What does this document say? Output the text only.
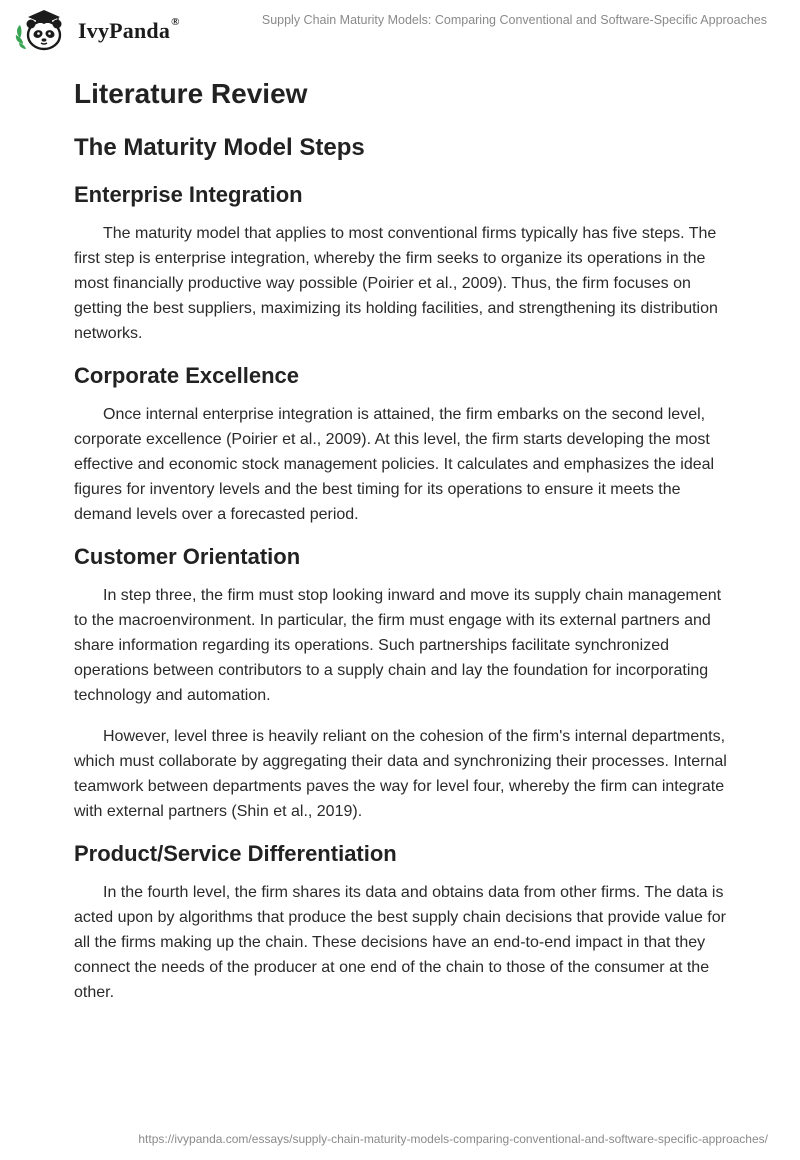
IvyPanda®	Supply Chain Maturity Models: Comparing Conventional and Software-Specific Approaches
Literature Review
The Maturity Model Steps
Enterprise Integration

The maturity model that applies to most conventional firms typically has five steps. The first step is enterprise integration, whereby the firm seeks to organize its operations in the most financially productive way possible (Poirier et al., 2009). Thus, the firm focuses on getting the best suppliers, maximizing its holding facilities, and strengthening its distribution networks.

Corporate Excellence

Once internal enterprise integration is attained, the firm embarks on the second level, corporate excellence (Poirier et al., 2009). At this level, the firm starts developing the most effective and economic stock management policies. It calculates and emphasizes the ideal figures for inventory levels and the best timing for its operations to ensure it meets the demand levels over a forecasted period.

Customer Orientation

In step three, the firm must stop looking inward and move its supply chain management to the macroenvironment. In particular, the firm must engage with its external partners and share information regarding its operations. Such partnerships facilitate synchronized operations between contributors to a supply chain and lay the foundation for incorporating technology and automation.

However, level three is heavily reliant on the cohesion of the firm's internal departments, which must collaborate by aggregating their data and synchronizing their processes. Internal teamwork between departments paves the way for level four, whereby the firm can integrate with external partners (Shin et al., 2019).

Product/Service Differentiation

In the fourth level, the firm shares its data and obtains data from other firms. The data is acted upon by algorithms that produce the best supply chain decisions that provide value for all the firms making up the chain. These decisions have an end-to-end impact in that they connect the needs of the producer at one end of the chain to those of the consumer at the other.

https://ivypanda.com/essays/supply-chain-maturity-models-comparing-conventional-and-software-specific-approaches/
